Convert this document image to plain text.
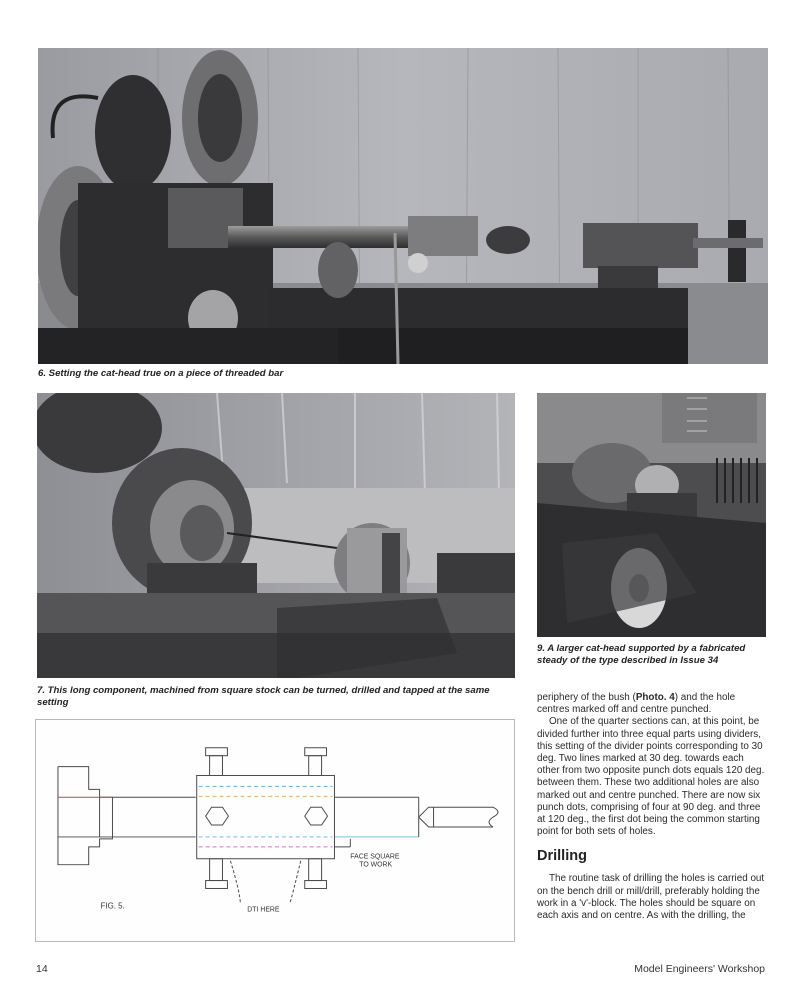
6. Setting the cat-head true on a piece of threaded bar
7. This long component, machined from square stock can be turned, drilled and tapped at the same setting
9. A larger cat-head supported by a fabricated steady of the type described in Issue 34
FACE SQUARE
TO WORK
DTI HERE
FIG. 5.

periphery of the bush (Photo. 4) and the hole centres marked off and centre punched.

One of the quarter sections can, at this point, be divided further into three equal parts using dividers, this setting of the divider points corresponding to 30 deg. Two lines marked at 30 deg. towards each other from two opposite punch dots equals 120 deg. between them. These two additional holes are also marked out and centre punched. There are now six punch dots, comprising of four at 90 deg. and three at 120 deg., the first dot being the common starting point for both sets of holes.

Drilling

The routine task of drilling the holes is carried out on the bench drill or mill/drill, preferably holding the work in a 'v'-block. The holes should be square on each axis and on centre. As with the drilling, the

14	Model Engineers' Workshop
